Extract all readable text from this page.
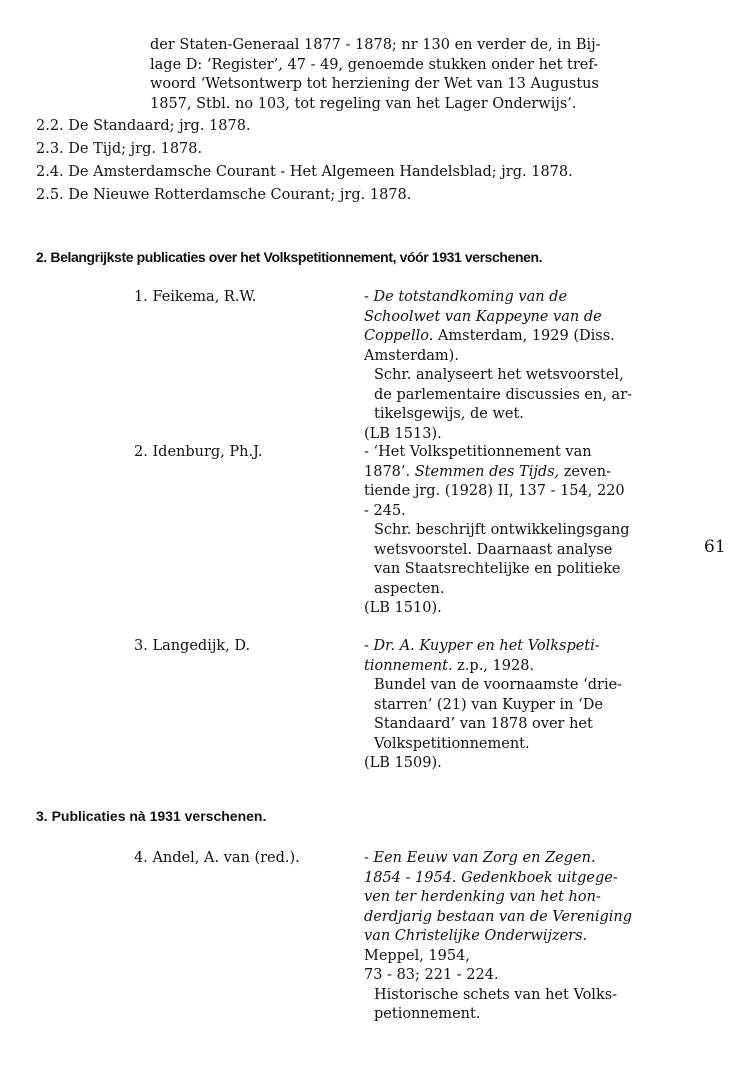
der Staten-Generaal 1877 - 1878; nr 130 en verder de, in Bij-
lage D: ‘Register’, 47 - 49, genoemde stukken onder het tref-
woord ‘Wetsontwerp tot herziening der Wet van 13 Augustus
1857, Stbl. no 103, tot regeling van het Lager Onderwijs’.
2.2. De Standaard; jrg. 1878.
2.3. De Tijd; jrg. 1878.
2.4. De Amsterdamsche Courant - Het Algemeen Handelsblad; jrg. 1878.
2.5. De Nieuwe Rotterdamsche Courant; jrg. 1878.
2. Belangrijkste publicaties over het Volkspetitionnement, vóór 1931 verschenen.
1. Feikema, R.W.	- De totstandkoming van de
Schoolwet van Kappeyne van de
Coppello. Amsterdam, 1929 (Diss.
Amsterdam).
Schr. analyseert het wetsvoorstel,
de parlementaire discussies en, ar-
tikelsgewijs, de wet.
(LB 1513).
2. Idenburg, Ph.J.	- ‘Het Volkspetitionnement van
1878’. Stemmen des Tijds, zeven-
tiende jrg. (1928) II, 137 - 154, 220
- 245.
Schr. beschrijft ontwikkelingsgang
wetsvoorstel. Daarnaast analyse
van Staatsrechtelijke en politieke
aspecten.
(LB 1510).
3. Langedijk, D.	- Dr. A. Kuyper en het Volkspeti-
tionnement. z.p., 1928.
Bundel van de voornaamste ‘drie-
starren’ (21) van Kuyper in ‘De
Standaard’ van 1878 over het
Volkspetitionnement.
(LB 1509).
3. Publicaties nà 1931 verschenen.
4. Andel, A. van (red.).	- Een Eeuw van Zorg en Zegen.
1854 - 1954. Gedenkboek uitgege-
ven ter herdenking van het hon-
derdjarig bestaan van de Vereniging
van Christelijke Onderwijzers.
Meppel, 1954,
73 - 83; 221 - 224.
Historische schets van het Volks-
petionnement.
61
